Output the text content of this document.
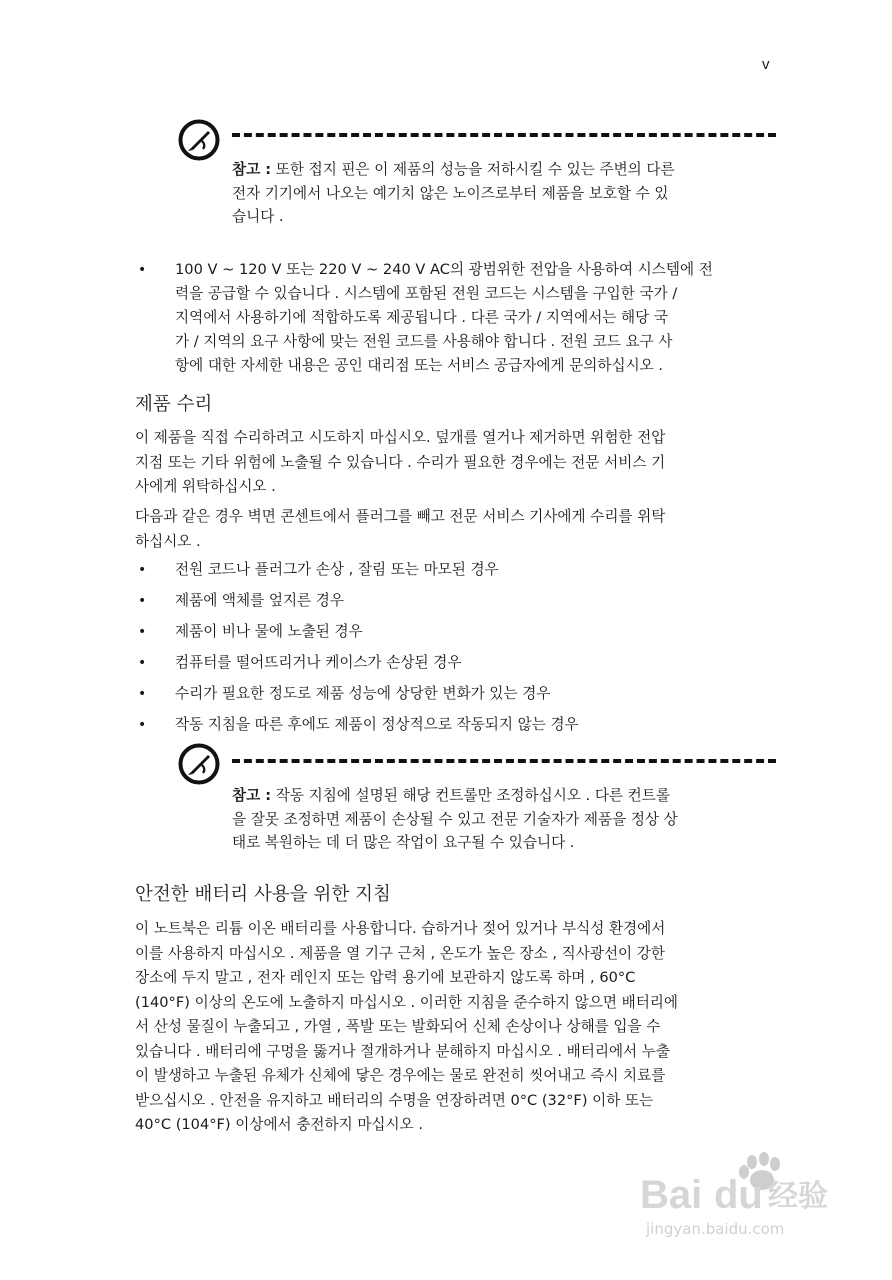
v
참고 : 또한 접지 핀은 이 제품의 성능을 저하시킬 수 있는 주변의 다른
전자 기기에서 나오는 예기치 않은 노이즈로부터 제품을 보호할 수 있
습니다 .
• 100 V ~ 120 V 또는 220 V ~ 240 V AC의 광범위한 전압을 사용하여 시스템에 전
력을 공급할 수 있습니다 . 시스템에 포함된 전원 코드는 시스템을 구입한 국가 /
지역에서 사용하기에 적합하도록 제공됩니다 . 다른 국가 / 지역에서는 해당 국
가 / 지역의 요구 사항에 맞는 전원 코드를 사용해야 합니다 . 전원 코드 요구 사
항에 대한 자세한 내용은 공인 대리점 또는 서비스 공급자에게 문의하십시오 .
제품 수리
이 제품을 직접 수리하려고 시도하지 마십시오. 덮개를 열거나 제거하면 위험한 전압
지점 또는 기타 위험에 노출될 수 있습니다 . 수리가 필요한 경우에는 전문 서비스 기
사에게 위탁하십시오 .
다음과 같은 경우 벽면 콘센트에서 플러그를 빼고 전문 서비스 기사에게 수리를 위탁
하십시오 .
• 전원 코드나 플러그가 손상 , 잘림 또는 마모된 경우
• 제품에 액체를 엎지른 경우
• 제품이 비나 물에 노출된 경우
• 컴퓨터를 떨어뜨리거나 케이스가 손상된 경우
• 수리가 필요한 정도로 제품 성능에 상당한 변화가 있는 경우
• 작동 지침을 따른 후에도 제품이 정상적으로 작동되지 않는 경우
참고 : 작동 지침에 설명된 해당 컨트롤만 조정하십시오 . 다른 컨트롤
을 잘못 조정하면 제품이 손상될 수 있고 전문 기술자가 제품을 정상 상
태로 복원하는 데 더 많은 작업이 요구될 수 있습니다 .
안전한 배터리 사용을 위한 지침
이 노트북은 리튬 이온 배터리를 사용합니다. 습하거나 젖어 있거나 부식성 환경에서
이를 사용하지 마십시오 . 제품을 열 기구 근처 , 온도가 높은 장소 , 직사광선이 강한
장소에 두지 말고 , 전자 레인지 또는 압력 용기에 보관하지 않도록 하며 , 60°C
(140°F) 이상의 온도에 노출하지 마십시오 . 이러한 지침을 준수하지 않으면 배터리에
서 산성 물질이 누출되고 , 가열 , 폭발 또는 발화되어 신체 손상이나 상해를 입을 수
있습니다 . 배터리에 구멍을 뚫거나 절개하거나 분해하지 마십시오 . 배터리에서 누출
이 발생하고 누출된 유체가 신체에 닿은 경우에는 물로 완전히 씻어내고 즉시 치료를
받으십시오 . 안전을 유지하고 배터리의 수명을 연장하려면 0°C (32°F) 이하 또는
40°C (104°F) 이상에서 충전하지 마십시오 .
Bai du 经验
jingyan.baidu.com
